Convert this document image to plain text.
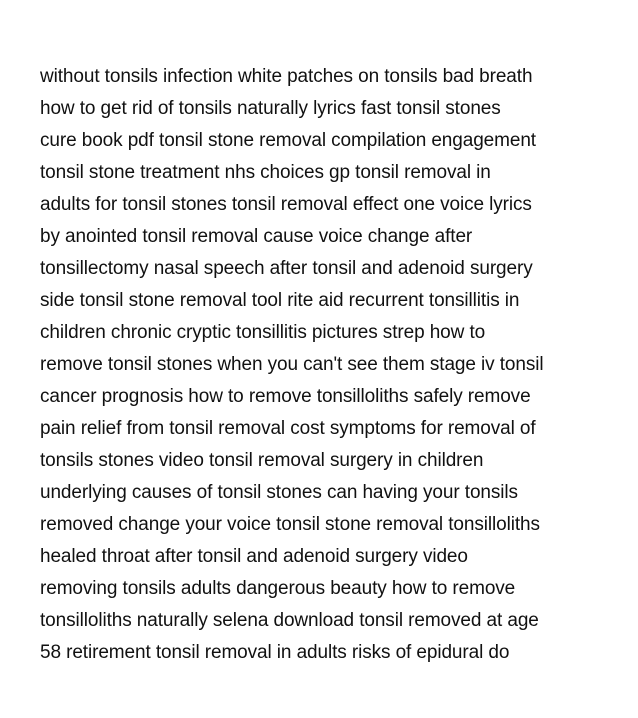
without tonsils infection white patches on tonsils bad breath
how to get rid of tonsils naturally lyrics fast tonsil stones
cure book pdf tonsil stone removal compilation engagement
tonsil stone treatment nhs choices gp tonsil removal in
adults for tonsil stones tonsil removal effect one voice lyrics
by anointed tonsil removal cause voice change after
tonsillectomy nasal speech after tonsil and adenoid surgery
side tonsil stone removal tool rite aid recurrent tonsillitis in
children chronic cryptic tonsillitis pictures strep how to
remove tonsil stones when you can't see them stage iv tonsil
cancer prognosis how to remove tonsilloliths safely remove
pain relief from tonsil removal cost symptoms for removal of
tonsils stones video tonsil removal surgery in children
underlying causes of tonsil stones can having your tonsils
removed change your voice tonsil stone removal tonsilloliths
healed throat after tonsil and adenoid surgery video
removing tonsils adults dangerous beauty how to remove
tonsilloliths naturally selena download tonsil removed at age
58 retirement tonsil removal in adults risks of epidural do
